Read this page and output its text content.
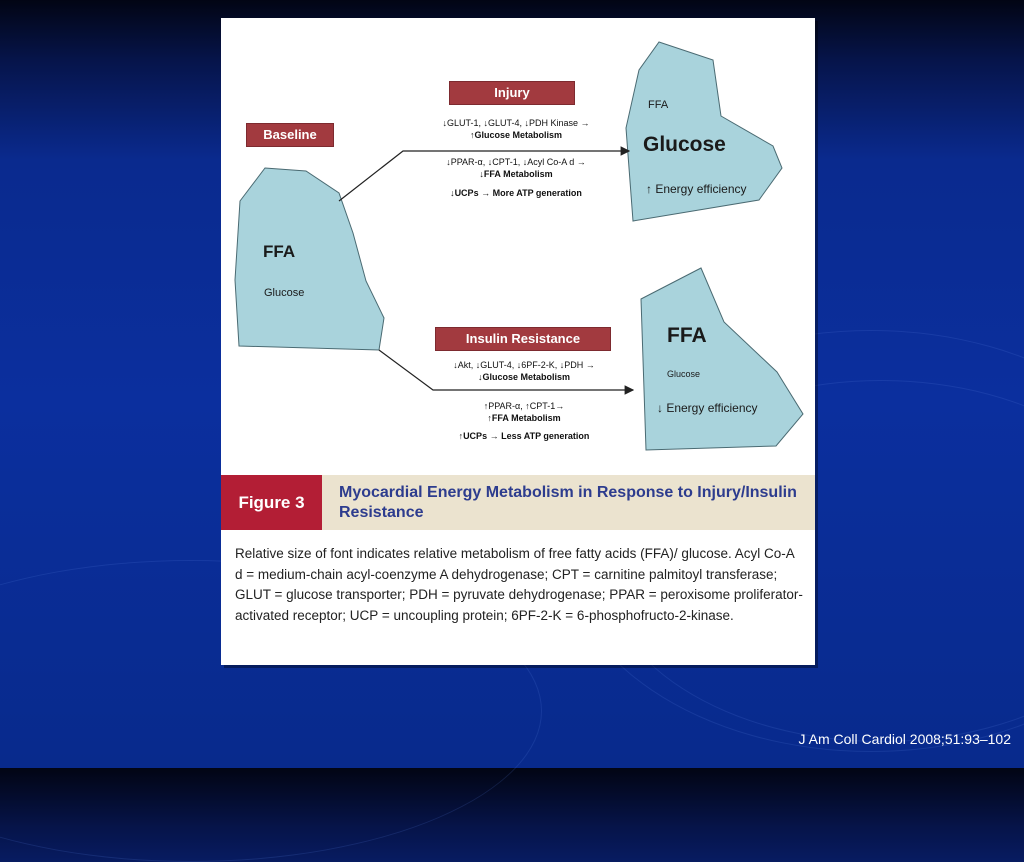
Baseline
Injury
Insulin Resistance
FFA
Glucose
FFA
Glucose
↑ Energy efficiency
FFA
Glucose
↓ Energy efficiency
↓GLUT-1, ↓GLUT-4, ↓PDH Kinase →
↑Glucose Metabolism
↓PPAR-α, ↓CPT-1, ↓Acyl Co-A d →
↓FFA Metabolism
↓UCPs → More ATP generation
↓Akt, ↓GLUT-4, ↓6PF-2-K, ↓PDH →
↓Glucose Metabolism
↑PPAR-α, ↑CPT-1→
↑FFA Metabolism
↑UCPs → Less ATP generation
Figure 3
Myocardial Energy Metabolism in Response to Injury/Insulin Resistance
Relative size of font indicates relative metabolism of free fatty acids (FFA)/ glucose. Acyl Co-A d = medium-chain acyl-coenzyme A dehydrogenase; CPT = carnitine palmitoyl transferase; GLUT = glucose transporter; PDH = pyruvate dehydrogenase; PPAR = peroxisome proliferator-activated receptor; UCP = uncoupling protein; 6PF-2-K = 6-phosphofructo-2-kinase.
J Am Coll Cardiol 2008;51:93–102
